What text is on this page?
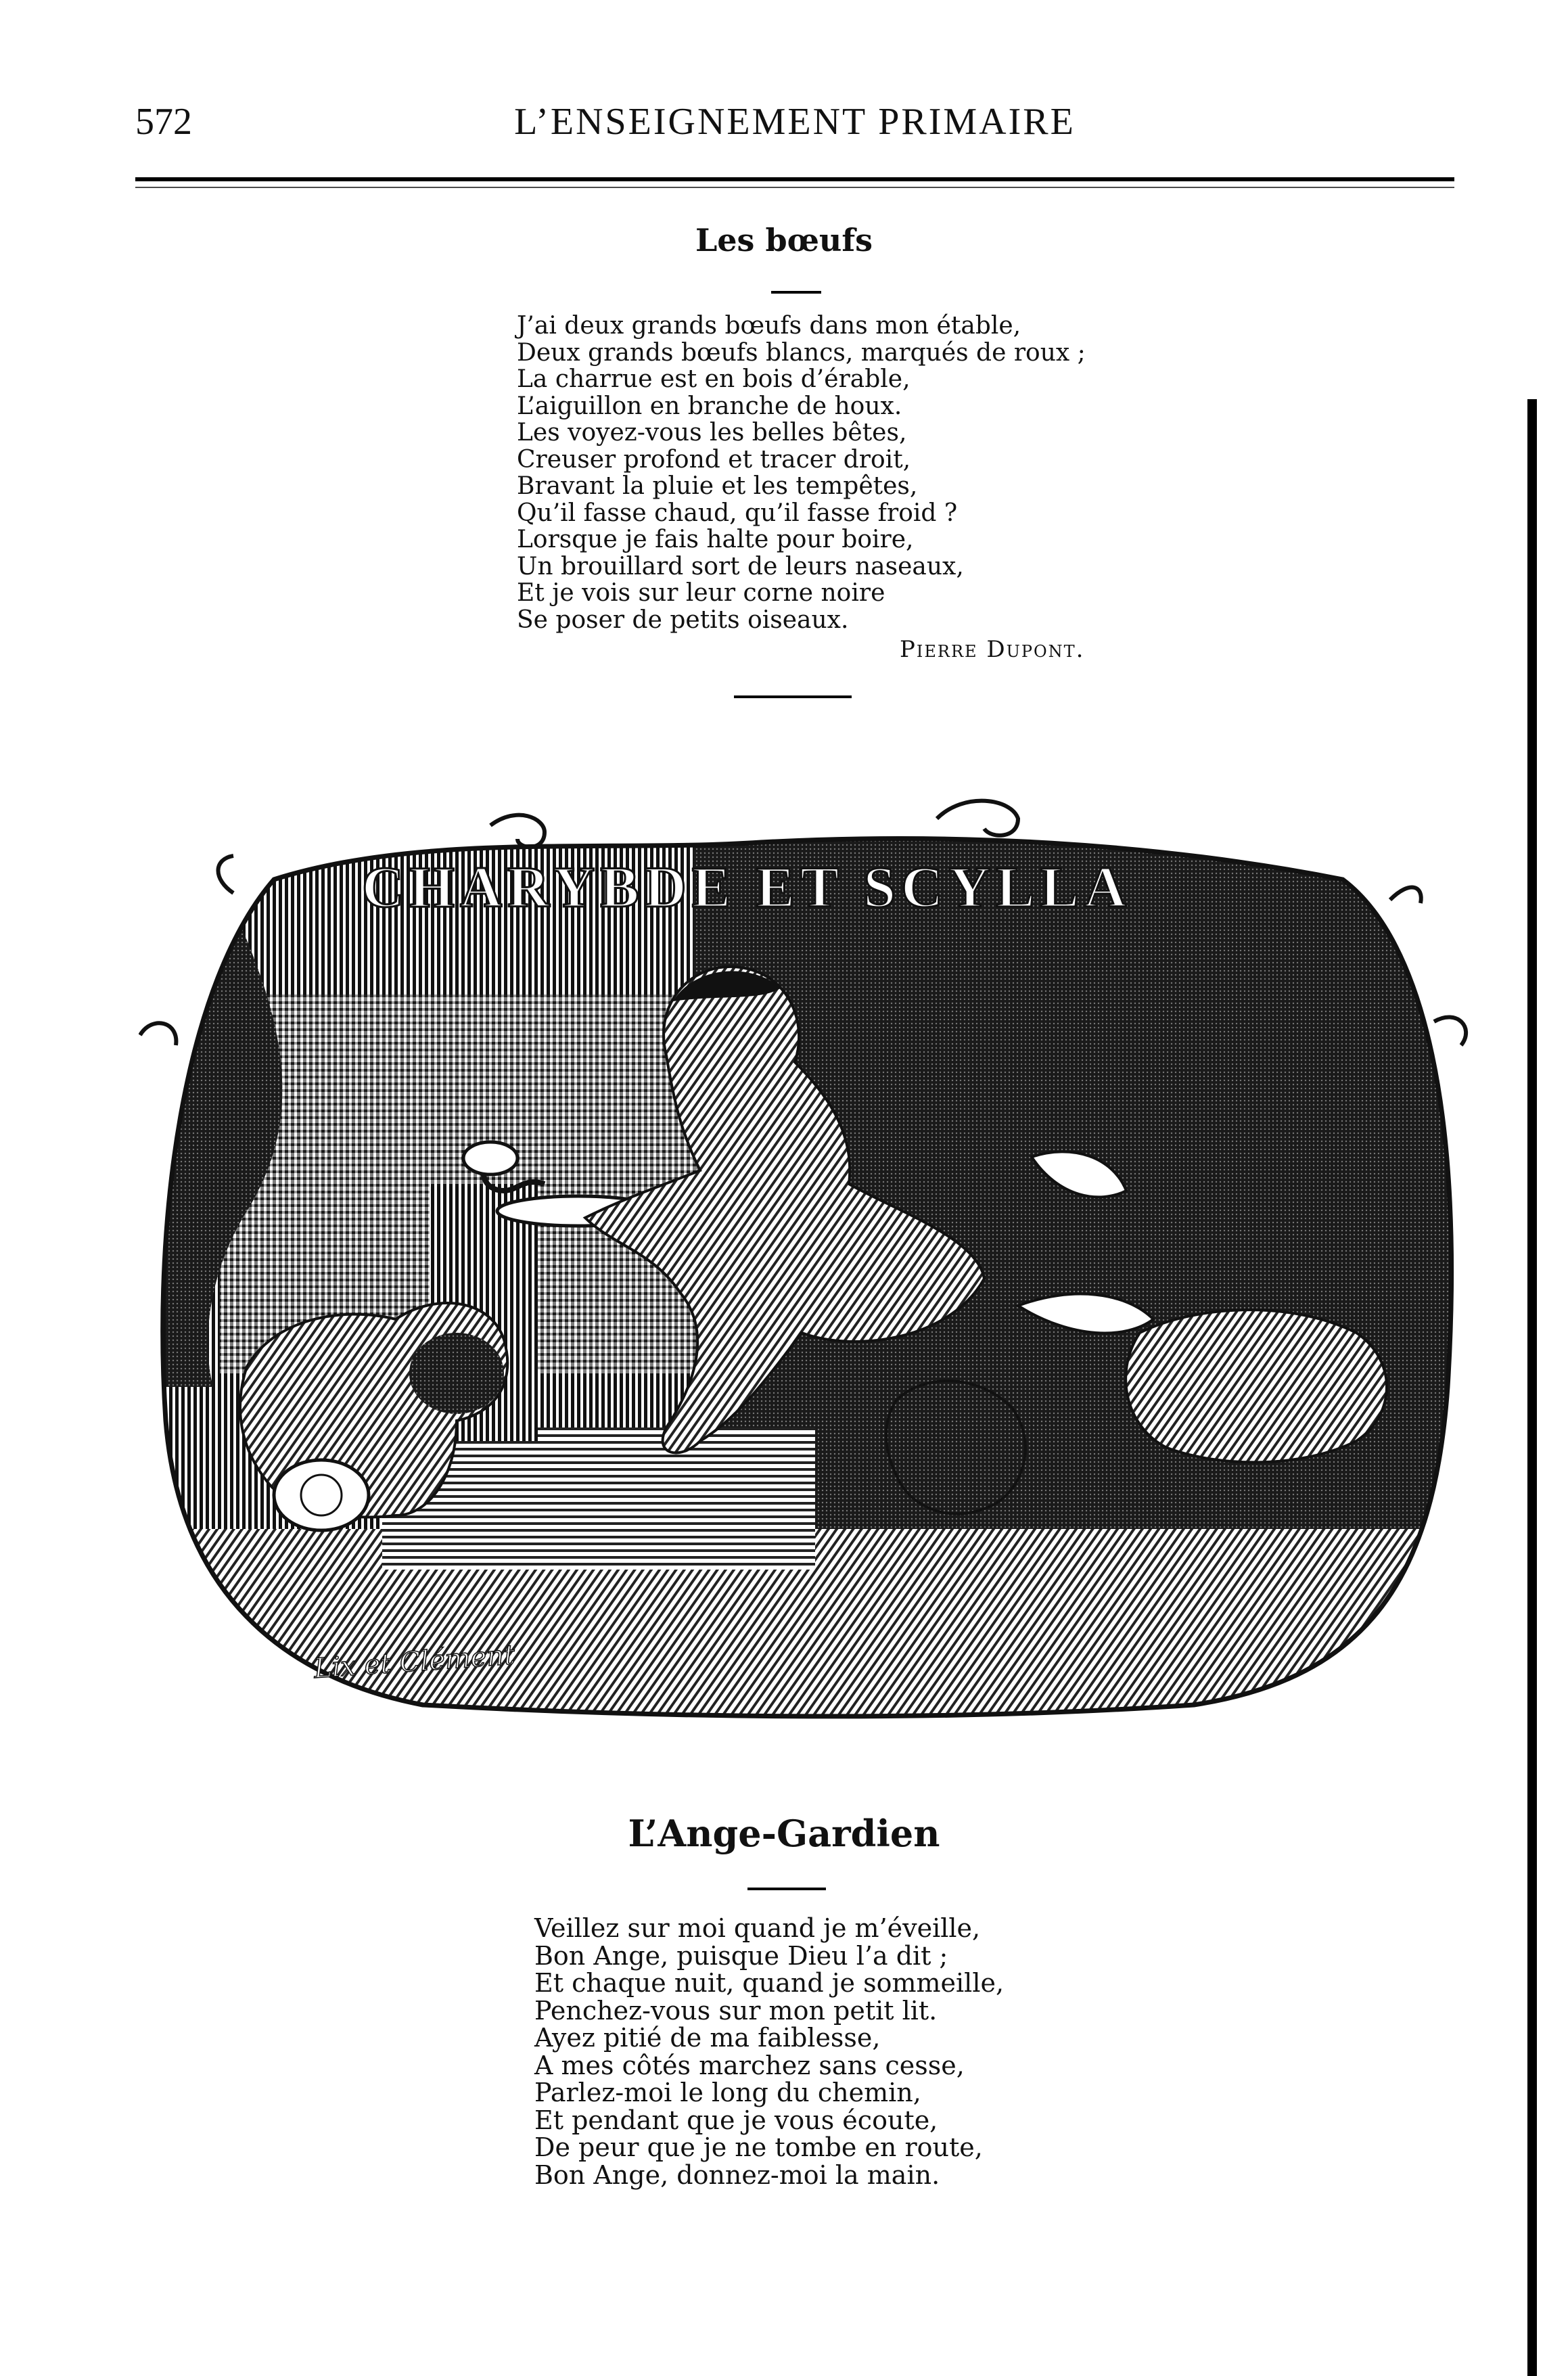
572	L’ENSEIGNEMENT PRIMAIRE
Les bœufs
J’ai deux grands bœufs dans mon étable,
Deux grands bœufs blancs, marqués de roux ;
La charrue est en bois d’érable,
L’aiguillon en branche de houx.
Les voyez-vous les belles bêtes,
Creuser profond et tracer droit,
Bravant la pluie et les tempêtes,
Qu’il fasse chaud, qu’il fasse froid ?
Lorsque je fais halte pour boire,
Un brouillard sort de leurs naseaux,
Et je vois sur leur corne noire
Se poser de petits oiseaux.
Pierre Dupont.
CHARYBDE ET SCYLLA
Lix et Clément
L’Ange-Gardien
Veillez sur moi quand je m’éveille,
Bon Ange, puisque Dieu l’a dit ;
Et chaque nuit, quand je sommeille,
Penchez-vous sur mon petit lit.
Ayez pitié de ma faiblesse,
A mes côtés marchez sans cesse,
Parlez-moi le long du chemin,
Et pendant que je vous écoute,
De peur que je ne tombe en route,
Bon Ange, donnez-moi la main.
